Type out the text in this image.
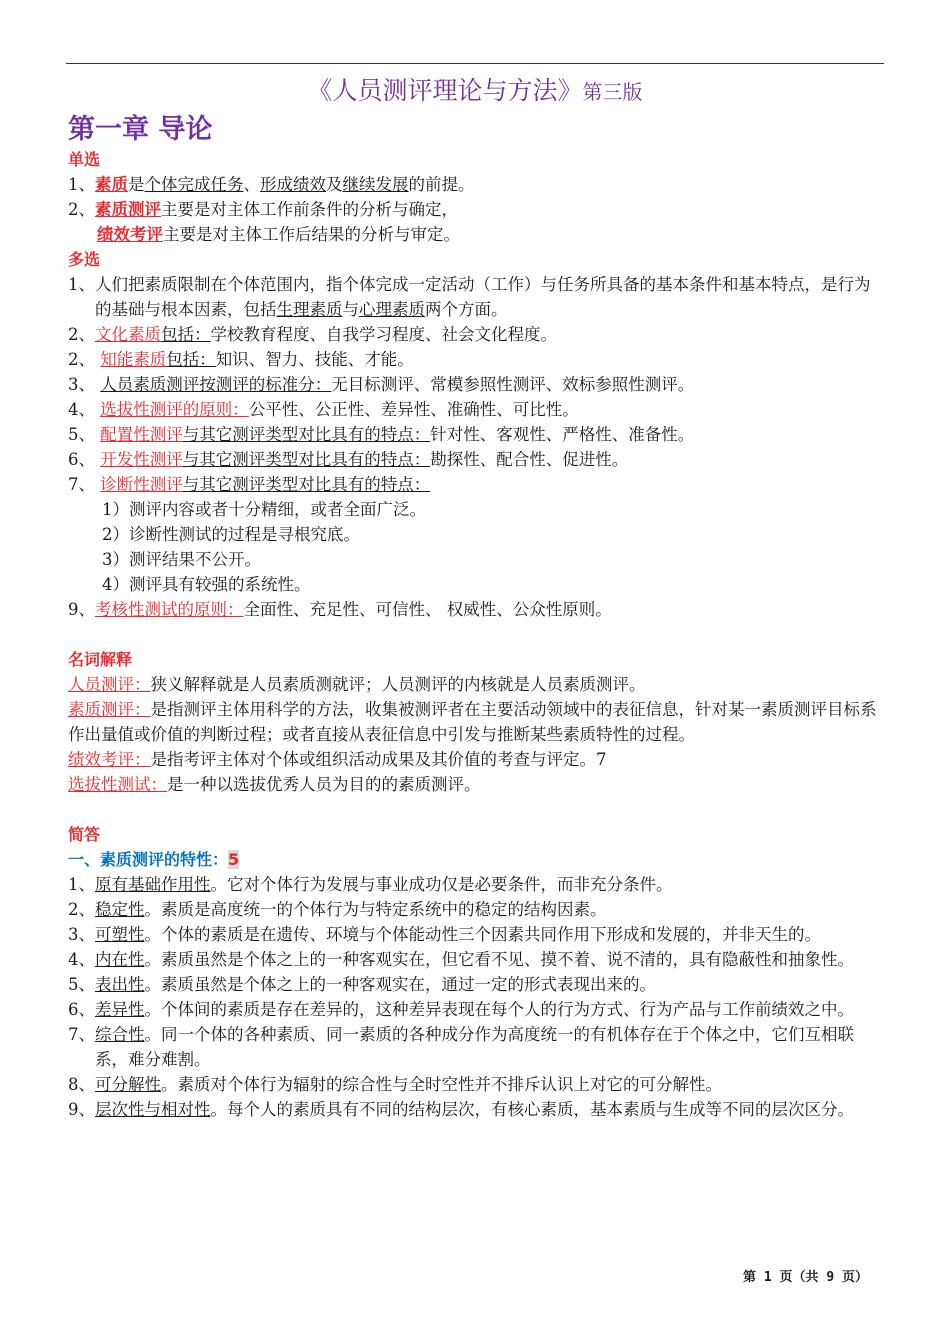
《人员测评理论与方法》第三版
第一章 导论
单选
1、素质是个体完成任务、形成绩效及继续发展的前提。
2、素质测评主要是对主体工作前条件的分析与确定，
绩效考评主要是对主体工作后结果的分析与审定。
多选
1、 人们把素质限制在个体范围内，指个体完成一定活动（工作）与任务所具备的基本条件和基本特点，是行为的基础与根本因素，包括生理素质与心理素质两个方面。
2、文化素质包括：学校教育程度、自我学习程度、社会文化程度。
2、 知能素质包括：知识、智力、技能、才能。
3、 人员素质测评按测评的标准分：无目标测评、常模参照性测评、效标参照性测评。
4、 选拔性测评的原则：公平性、公正性、差异性、准确性、可比性。
5、 配置性测评与其它测评类型对比具有的特点：针对性、客观性、严格性、准备性。
6、 开发性测评与其它测评类型对比具有的特点：勘探性、配合性、促进性。
7、 诊断性测评与其它测评类型对比具有的特点：
1）测评内容或者十分精细，或者全面广泛。
2）诊断性测试的过程是寻根究底。
3）测评结果不公开。
4）测评具有较强的系统性。
9、考核性测试的原则：全面性、充足性、可信性、 权威性、公众性原则。
名词解释
人员测评：狭义解释就是人员素质测就评；人员测评的内核就是人员素质测评。
素质测评：是指测评主体用科学的方法，收集被测评者在主要活动领域中的表征信息，针对某一素质测评目标系作出量值或价值的判断过程；或者直接从表征信息中引发与推断某些素质特性的过程。
绩效考评：是指考评主体对个体或组织活动成果及其价值的考查与评定。7
选拔性测试：是一种以选拔优秀人员为目的的素质测评。
简答
一、素质测评的特性：5
1、 原有基础作用性。它对个体行为发展与事业成功仅是必要条件，而非充分条件。
2、 稳定性。素质是高度统一的个体行为与特定系统中的稳定的结构因素。
3、 可塑性。个体的素质是在遗传、环境与个体能动性三个因素共同作用下形成和发展的，并非天生的。
4、 内在性。素质虽然是个体之上的一种客观实在，但它看不见、摸不着、说不清的，具有隐蔽性和抽象性。
5、 表出性。素质虽然是个体之上的一种客观实在，通过一定的形式表现出来的。
6、 差异性。个体间的素质是存在差异的，这种差异表现在每个人的行为方式、行为产品与工作前绩效之中。
7、 综合性。同一个体的各种素质、同一素质的各种成分作为高度统一的有机体存在于个体之中，它们互相联系，难分难割。
8、 可分解性。素质对个体行为辐射的综合性与全时空性并不排斥认识上对它的可分解性。
9、 层次性与相对性。每个人的素质具有不同的结构层次，有核心素质，基本素质与生成等不同的层次区分。
第 1 页（共 9 页）
